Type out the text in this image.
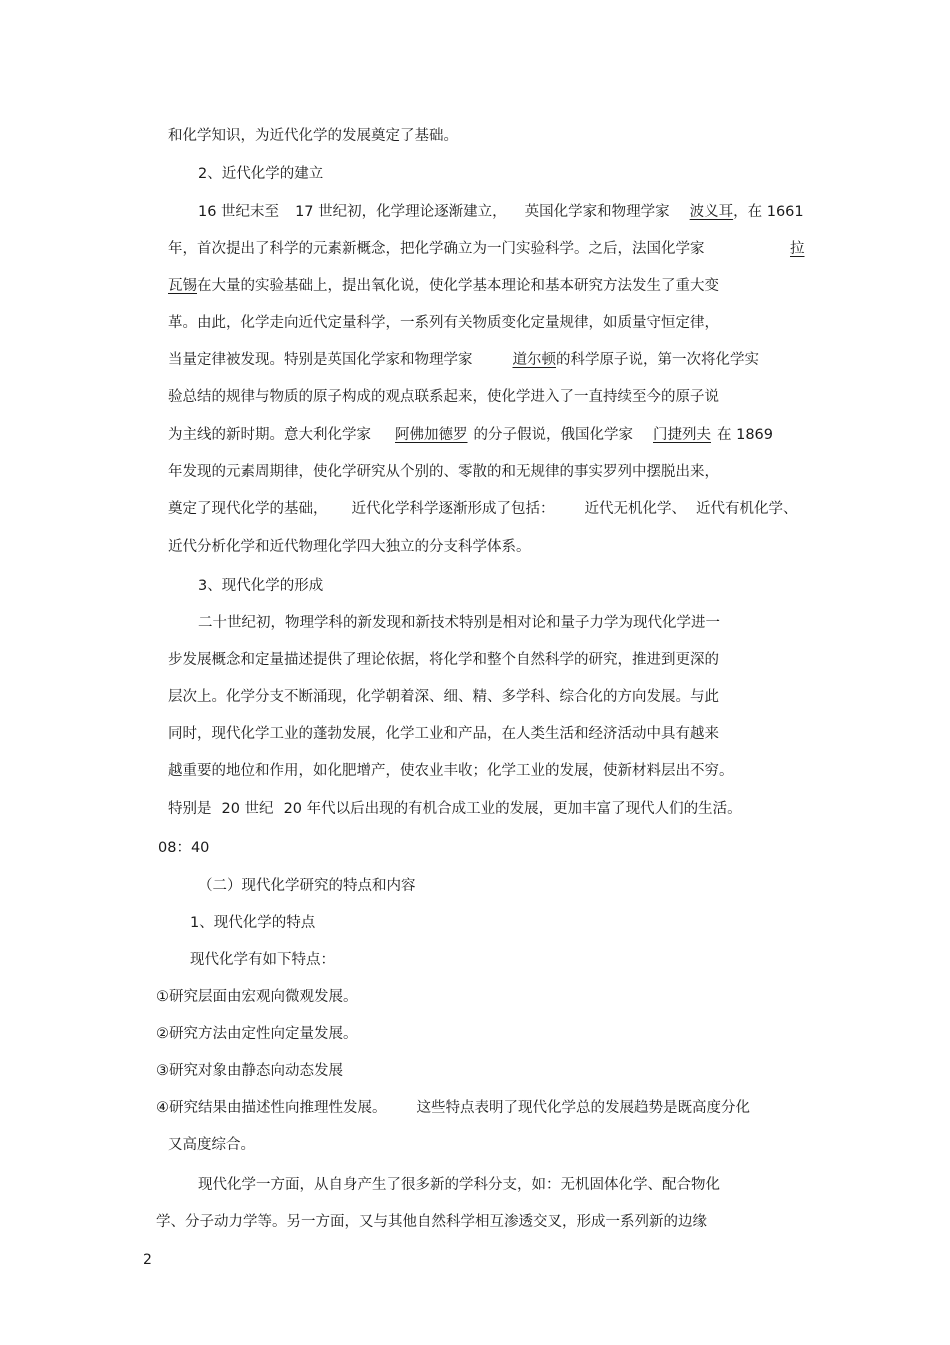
和化学知识，为近代化学的发展奠定了基础。
2、近代化学的建立
16 世纪末至 17 世纪初，化学理论逐渐建立， 英国化学家和物理学家 波义耳，在 1661
年，首次提出了科学的元素新概念，把化学确立为一门实验科学。之后，法国化学家	拉
瓦锡在大量的实验基础上，提出氧化说，使化学基本理论和基本研究方法发生了重大变
革。由此，化学走向近代定量科学，一系列有关物质变化定量规律，如质量守恒定律，
当量定律被发现。特别是英国化学家和物理学家	道尔顿的科学原子说，第一次将化学实
验总结的规律与物质的原子构成的观点联系起来，使化学进入了一直持续至今的原子说
为主线的新时期。意大利化学家 阿佛加德罗 的分子假说，俄国化学家 门捷列夫 在 1869
年发现的元素周期律，使化学研究从个别的、零散的和无规律的事实罗列中摆脱出来，
奠定了现代化学的基础， 近代化学科学逐渐形成了包括： 近代无机化学、 近代有机化学、
近代分析化学和近代物理化学四大独立的分支科学体系。
3、现代化学的形成
二十世纪初，物理学科的新发现和新技术特别是相对论和量子力学为现代化学进一
步发展概念和定量描述提供了理论依据，将化学和整个自然科学的研究，推进到更深的
层次上。化学分支不断涌现，化学朝着深、细、精、多学科、综合化的方向发展。与此
同时，现代化学工业的蓬勃发展，化学工业和产品，在人类生活和经济活动中具有越来
越重要的地位和作用，如化肥增产，使农业丰收；化学工业的发展，使新材料层出不穷。
特别是 20 世纪 20 年代以后出现的有机合成工业的发展，更加丰富了现代人们的生活。
08：40
（二）现代化学研究的特点和内容
1、现代化学的特点
现代化学有如下特点：
①研究层面由宏观向微观发展。
②研究方法由定性向定量发展。
③研究对象由静态向动态发展
④研究结果由描述性向推理性发展。 这些特点表明了现代化学总的发展趋势是既高度分化
又高度综合。
现代化学一方面，从自身产生了很多新的学科分支，如：无机固体化学、配合物化
学、分子动力学等。另一方面，又与其他自然科学相互渗透交叉，形成一系列新的边缘
2
